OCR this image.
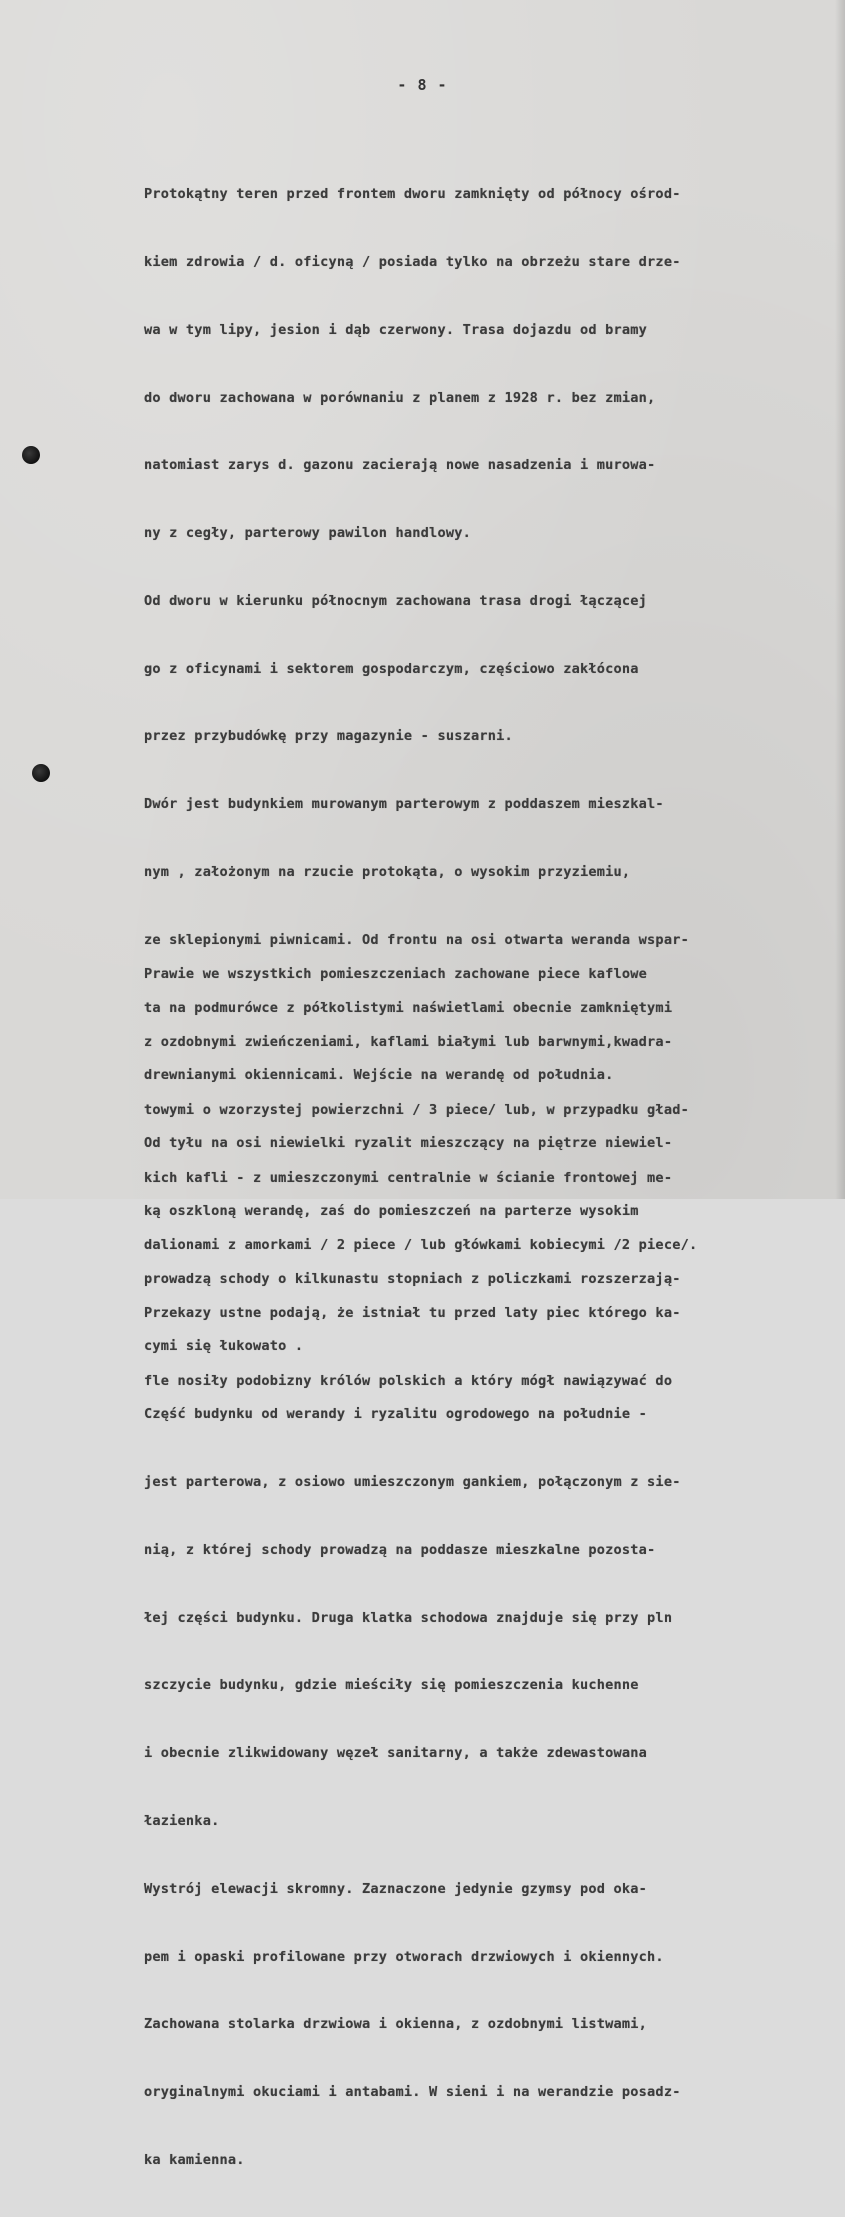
- 8 -

Protokątny teren przed frontem dworu zamknięty od północy ośrod-

kiem zdrowia / d. oficyną / posiada tylko na obrzeżu stare drze-

wa w tym lipy, jesion i dąb czerwony. Trasa dojazdu od bramy

do dworu zachowana w porównaniu z planem z 1928 r. bez zmian,

natomiast zarys d. gazonu zacierają nowe nasadzenia i murowa-

ny z cegły, parterowy pawilon handlowy.

Od dworu w kierunku północnym zachowana trasa drogi łączącej

go z oficynami i sektorem gospodarczym, częściowo zakłócona

przez przybudówkę przy magazynie - suszarni.

Dwór jest budynkiem murowanym parterowym z poddaszem mieszkal-

nym , założonym na rzucie protokąta, o wysokim przyziemiu,

ze sklepionymi piwnicami. Od frontu na osi otwarta weranda wspar-

ta na podmurówce z półkolistymi naświetlami obecnie zamkniętymi

drewnianymi okiennicami. Wejście na werandę od południa.

Od tyłu na osi niewielki ryzalit mieszczący na piętrze niewiel-

ką oszkloną werandę, zaś do pomieszczeń na parterze wysokim

prowadzą schody o kilkunastu stopniach z policzkami rozszerzają-

cymi się łukowato .

Część budynku od werandy i ryzalitu ogrodowego na południe -

jest parterowa, z osiowo umieszczonym gankiem, połączonym z sie-

nią, z której schody prowadzą na poddasze mieszkalne pozosta-

łej części budynku. Druga klatka schodowa znajduje się przy pln

szczycie budynku, gdzie mieściły się pomieszczenia kuchenne

i obecnie zlikwidowany węzeł sanitarny, a także zdewastowana

łazienka.

Wystrój elewacji skromny. Zaznaczone jedynie gzymsy pod oka-

pem i opaski profilowane przy otworach drzwiowych i okiennych.

Zachowana stolarka drzwiowa i okienna, z ozdobnymi listwami,

oryginalnymi okuciami i antabami. W sieni i na werandzie posadz-

ka kamienna.

Prawie we wszystkich pomieszczeniach zachowane piece kaflowe

z ozdobnymi zwieńczeniami, kaflami białymi lub barwnymi,kwadra-

towymi o wzorzystej powierzchni / 3 piece/ lub, w przypadku gład-

kich kafli - z umieszczonymi centralnie w ścianie frontowej me-

dalionami z amorkami / 2 piece / lub główkami kobiecymi /2 piece/.

Przekazy ustne podają, że istniał tu przed laty piec którego ka-

fle nosiły podobizny królów polskich a który mógł nawiązywać do
